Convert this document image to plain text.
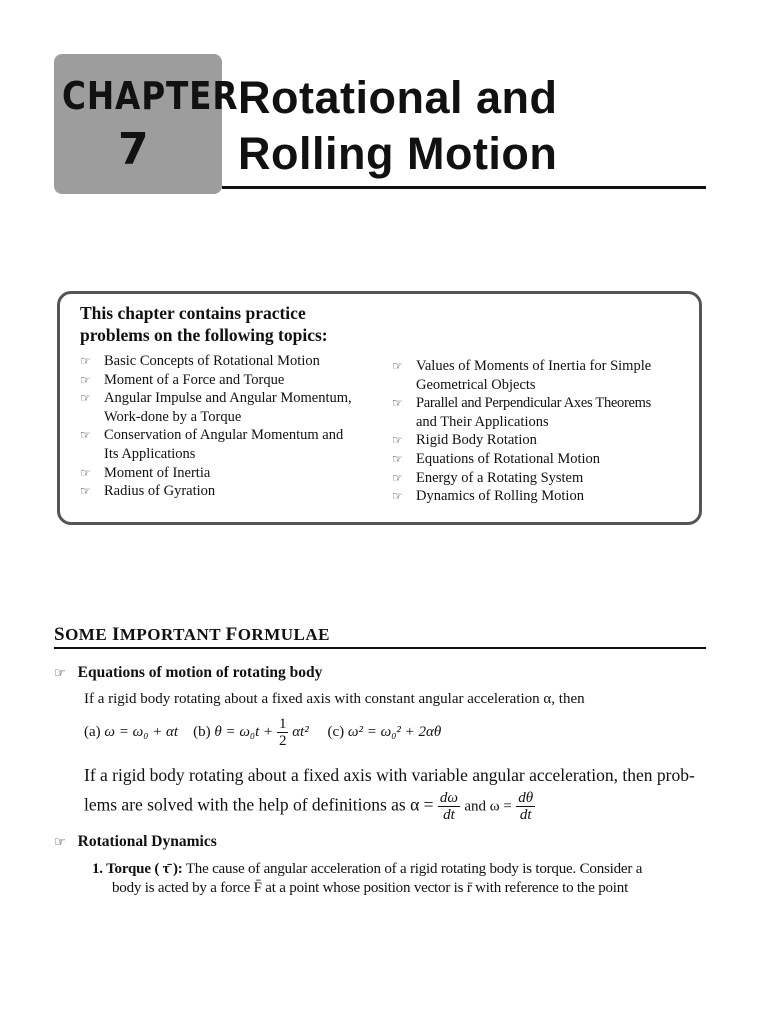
CHAPTER
7
Rotational and
Rolling Motion
This chapter contains practice
problems on the following topics:
☞ Basic Concepts of Rotational Motion
☞ Moment of a Force and Torque
☞ Angular Impulse and Angular Momentum,
Work-done by a Torque
☞ Conservation of Angular Momentum and
Its Applications
☞ Moment of Inertia
☞ Radius of Gyration
☞ Values of Moments of Inertia for Simple
Geometrical Objects
☞ Parallel and Perpendicular Axes Theorems
and Their Applications
☞ Rigid Body Rotation
☞ Equations of Rotational Motion
☞ Energy of a Rotating System
☞ Dynamics of Rolling Motion
SOME IMPORTANT FORMULAE
☞ Equations of motion of rotating body
If a rigid body rotating about a fixed axis with constant angular acceleration α, then
(a) ω = ω₀ + αt (b) $\theta = \omega_0t + \frac{1}{2} \alpha t^2$ (c) ω² = ω₀² + 2αθ
If a rigid body rotating about a fixed axis with variable angular acceleration, then prob-
lems are solved with the help of definitions as $\alpha = \frac{d\omega}{dt}$ and $\omega = \frac{d\theta}{dt}$
☞ Rotational Dynamics
1. Torque ( τ̄ ): The cause of angular acceleration of a rigid rotating body is torque. Consider a
body is acted by a force F̄ at a point whose position vector is r̄ with reference to the point
